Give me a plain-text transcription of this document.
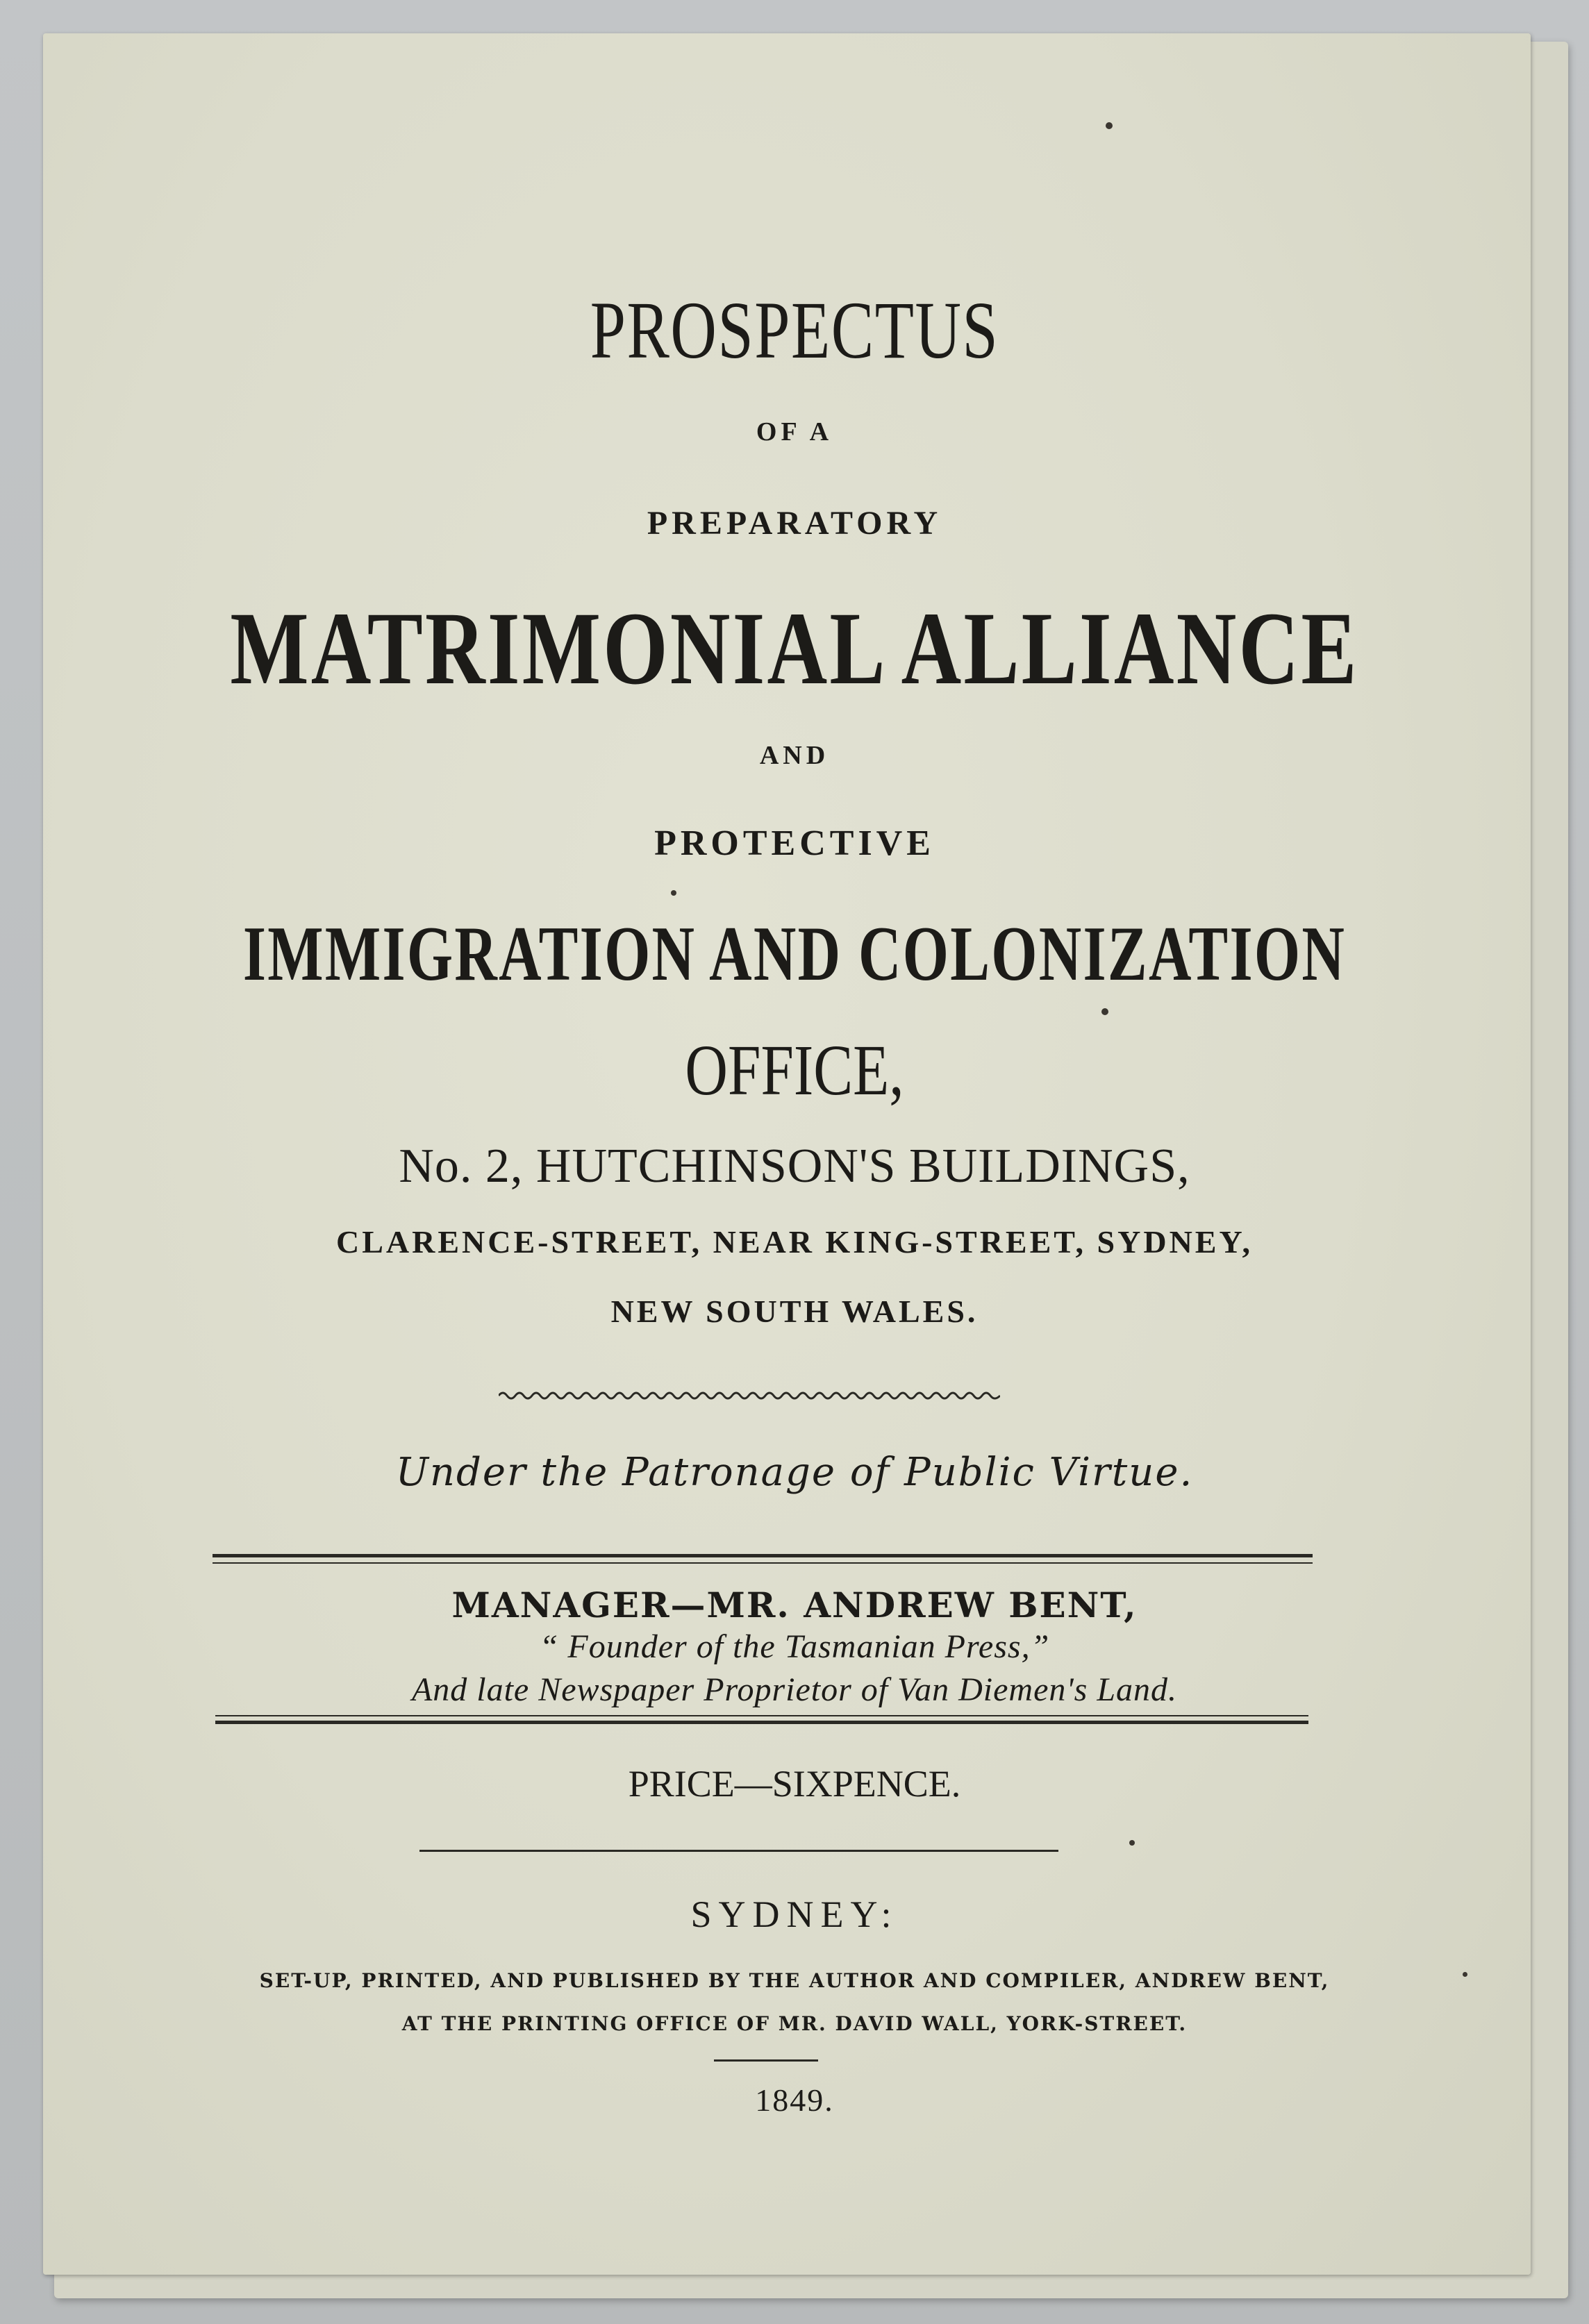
PROSPECTUS
OF A
PREPARATORY
MATRIMONIAL ALLIANCE
AND
PROTECTIVE
IMMIGRATION AND COLONIZATION
OFFICE,
No. 2, HUTCHINSON'S BUILDINGS,
CLARENCE-STREET, NEAR KING-STREET, SYDNEY,
NEW SOUTH WALES.
Under the Patronage of Public Virtue.
MANAGER—MR. ANDREW BENT,
“ Founder of the Tasmanian Press,”
And late Newspaper Proprietor of Van Diemen's Land.
PRICE—SIXPENCE.
SYDNEY:
SET-UP, PRINTED, AND PUBLISHED BY THE AUTHOR AND COMPILER, ANDREW BENT,
AT THE PRINTING OFFICE OF MR. DAVID WALL, YORK-STREET.
1849.
